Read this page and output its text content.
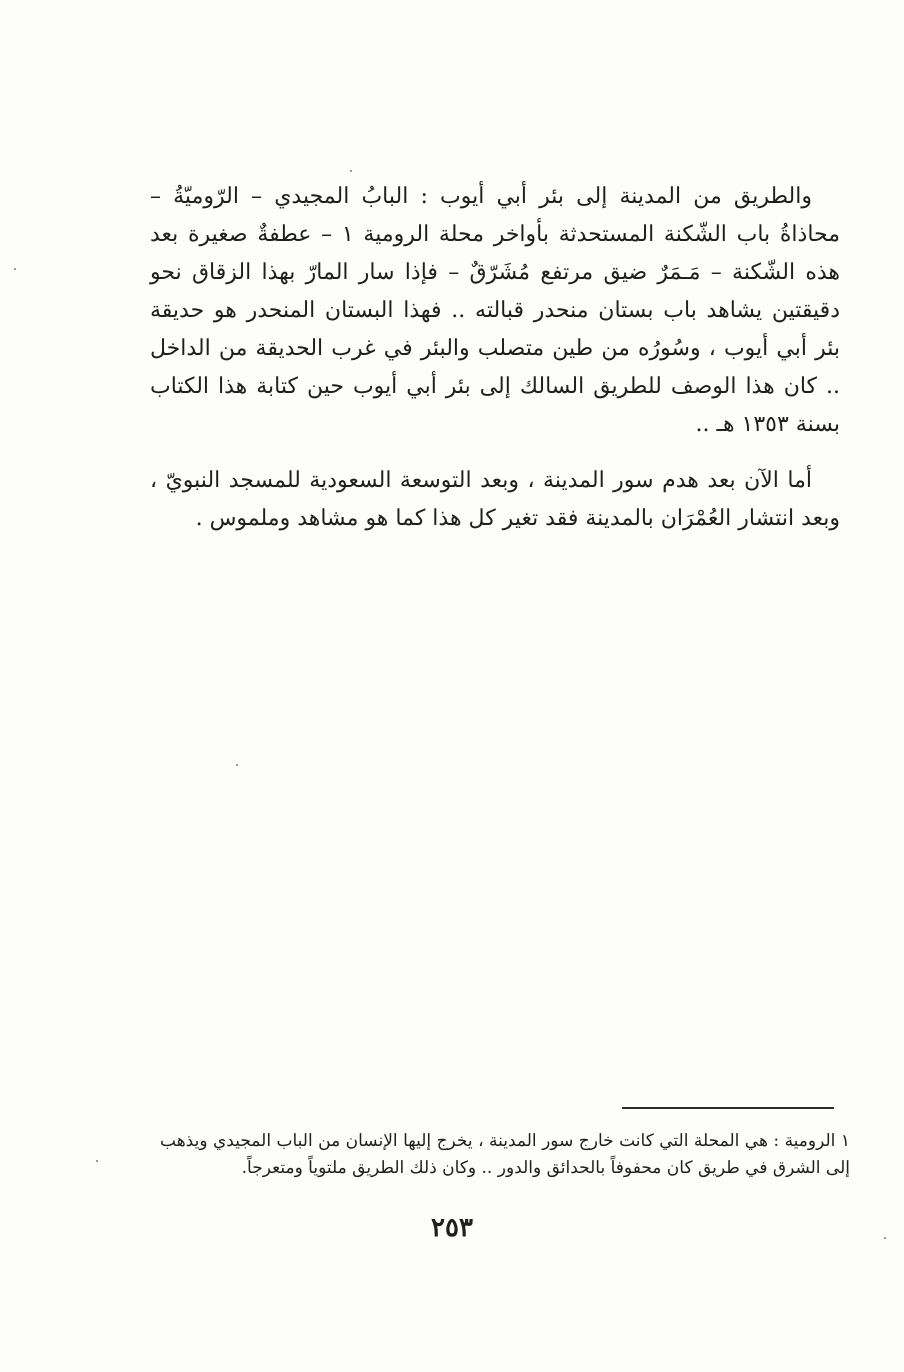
والطريق من المدينة إلى بئر أبي أيوب : البابُ المجيدي – الرّوميّةُ – محاذاةُ باب الشّكنة المستحدثة بأواخر محلة الرومية ١ – عطفةٌ صغيرة بعد هذه الشّكنة – مَـمَرٌ ضيق مرتفع مُشَرّقٌ – فإذا سار المارّ بهذا الزقاق نحو دقيقتين يشاهد باب بستان منحدر قبالته .. فهذا البستان المنحدر هو حديقة بئر أبي أيوب ، وسُورُه من طين متصلب والبئر في غرب الحديقة من الداخل .. كان هذا الوصف للطريق السالك إلى بئر أبي أيوب حين كتابة هذا الكتاب بسنة ١٣٥٣ هـ ..

أما الآن بعد هدم سور المدينة ، وبعد التوسعة السعودية للمسجد النبويّ ، وبعد انتشار العُمْرَان بالمدينة فقد تغير كل هذا كما هو مشاهد وملموس .

١ الرومية : هي المحلة التي كانت خارج سور المدينة ، يخرج إليها الإنسان من الباب المجيدي ويذهب إلى الشرق في طريق كان محفوفاً بالحدائق والدور .. وكان ذلك الطريق ملتوياً ومتعرجاً.

٢٥٣
